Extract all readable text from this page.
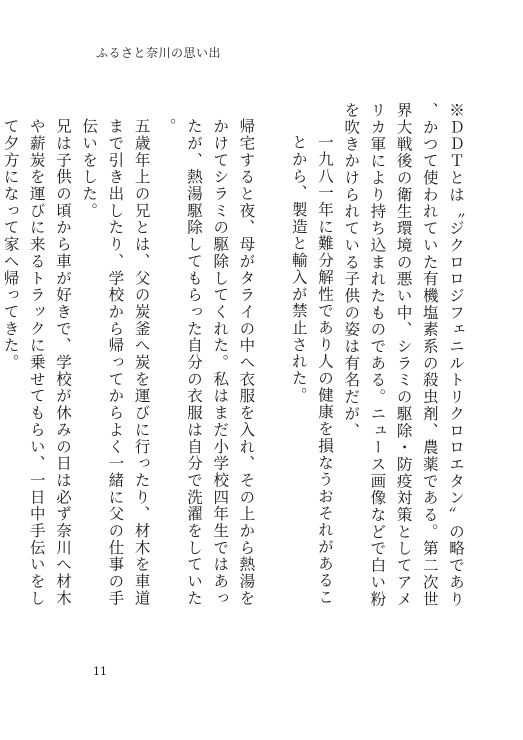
ふるさと奈川の思い出

※ＤＤＴとは〝ジクロロジフェニルトリクロロエタン〟の略であり、かつて使われていた有機塩素系の殺虫剤、農薬である。第二次世界大戦後の衛生環境の悪い中、シラミの駆除・防疫対策としてアメリカ軍により持ち込まれたものである。ニュース画像などで白い粉を吹きかけられている子供の姿は有名だが、

一九八一年に難分解性であり人の健康を損なうおそれがあることから、製造と輸入が禁止された。

帰宅すると夜、母がタライの中へ衣服を入れ、その上から熱湯をかけてシラミの駆除してくれた。私はまだ小学校四年生ではあったが、熱湯駆除してもらった自分の衣服は自分で洗濯をしていた。

五歳年上の兄とは、父の炭釜へ炭を運びに行ったり、材木を車道まで引き出したり、学校から帰ってからよく一緒に父の仕事の手伝いをした。

兄は子供の頃から車が好きで、学校が休みの日は必ず奈川へ材木や薪炭を運びに来るトラックに乗せてもらい、一日中手伝いをして夕方になって家へ帰ってきた。

11
